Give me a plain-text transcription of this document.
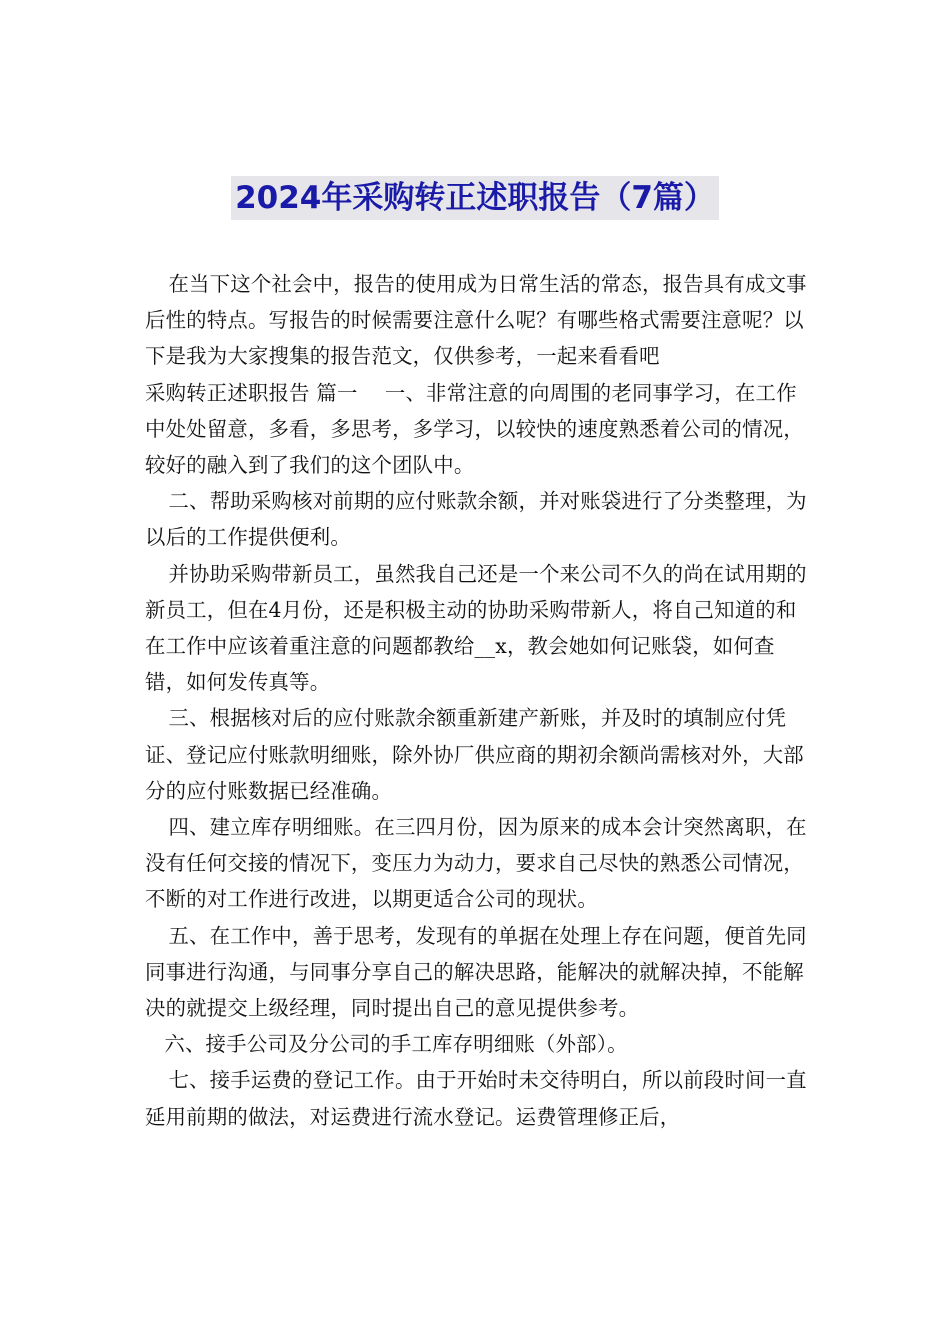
2024年采购转正述职报告（7篇）

在当下这个社会中，报告的使用成为日常生活的常态，报告具有成文事后性的特点。写报告的时候需要注意什么呢？有哪些格式需要注意呢？以下是我为大家搜集的报告范文，仅供参考，一起来看看吧

采购转正述职报告 篇一　 一、非常注意的向周围的老同事学习，在工作中处处留意，多看，多思考，多学习，以较快的速度熟悉着公司的情况，较好的融入到了我们的这个团队中。

二、帮助采购核对前期的应付账款余额，并对账袋进行了分类整理，为以后的工作提供便利。

并协助采购带新员工，虽然我自己还是一个来公司不久的尚在试用期的新员工，但在4月份，还是积极主动的协助采购带新人，将自己知道的和在工作中应该着重注意的问题都教给__x，教会她如何记账袋，如何查错，如何发传真等。

三、根据核对后的应付账款余额重新建产新账，并及时的填制应付凭证、登记应付账款明细账，除外协厂供应商的期初余额尚需核对外，大部分的应付账数据已经准确。

四、建立库存明细账。在三四月份，因为原来的成本会计突然离职，在没有任何交接的情况下，变压力为动力，要求自己尽快的熟悉公司情况，不断的对工作进行改进，以期更适合公司的现状。

五、在工作中，善于思考，发现有的单据在处理上存在问题，便首先同同事进行沟通，与同事分享自己的解决思路，能解决的就解决掉，不能解决的就提交上级经理，同时提出自己的意见提供参考。

六、接手公司及分公司的手工库存明细账（外部）。

七、接手运费的登记工作。由于开始时未交待明白，所以前段时间一直延用前期的做法，对运费进行流水登记。运费管理修正后，
